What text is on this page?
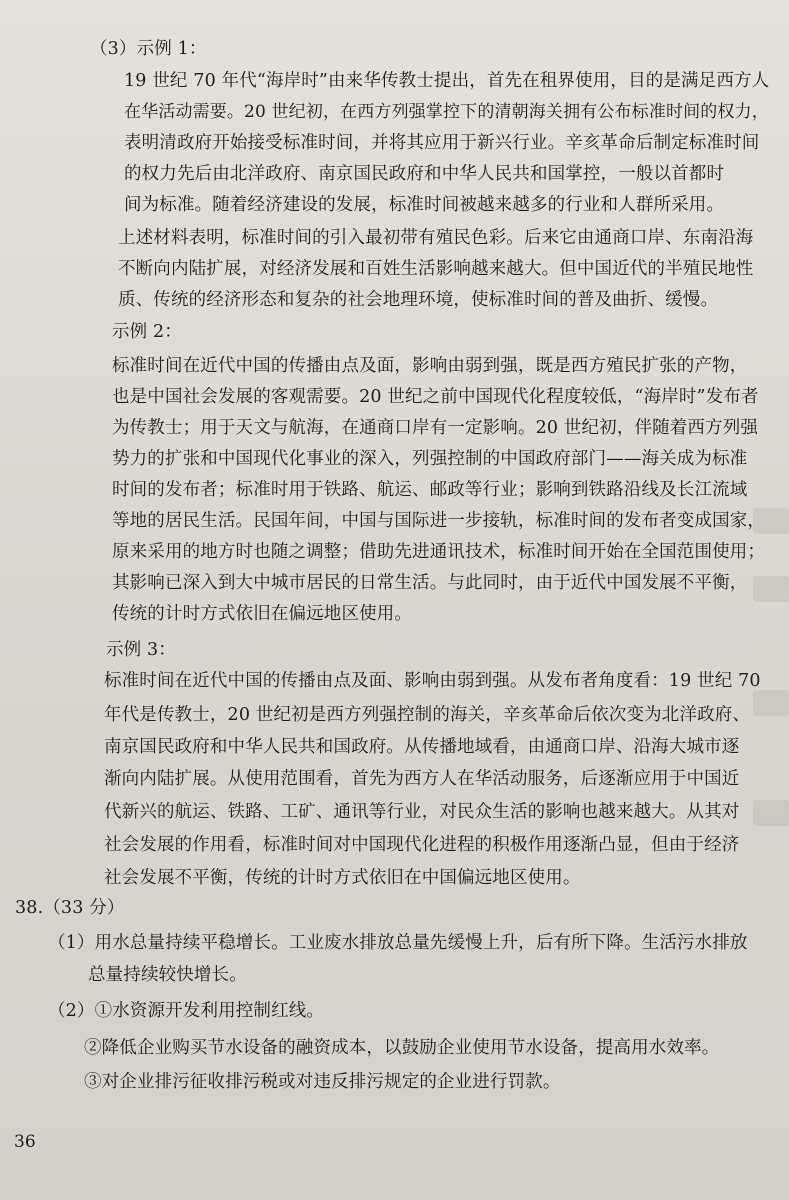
（3）示例 1：

19 世纪 70 年代“海岸时”由来华传教士提出，首先在租界使用，目的是满足西方人

在华活动需要。20 世纪初，在西方列强掌控下的清朝海关拥有公布标准时间的权力，

表明清政府开始接受标准时间，并将其应用于新兴行业。辛亥革命后制定标准时间

的权力先后由北洋政府、南京国民政府和中华人民共和国掌控，一般以首都时

间为标准。随着经济建设的发展，标准时间被越来越多的行业和人群所采用。

上述材料表明，标准时间的引入最初带有殖民色彩。后来它由通商口岸、东南沿海

不断向内陆扩展，对经济发展和百姓生活影响越来越大。但中国近代的半殖民地性

质、传统的经济形态和复杂的社会地理环境，使标准时间的普及曲折、缓慢。

示例 2：

标准时间在近代中国的传播由点及面，影响由弱到强，既是西方殖民扩张的产物，

也是中国社会发展的客观需要。20 世纪之前中国现代化程度较低，“海岸时”发布者

为传教士；用于天文与航海，在通商口岸有一定影响。20 世纪初，伴随着西方列强

势力的扩张和中国现代化事业的深入，列强控制的中国政府部门——海关成为标准

时间的发布者；标准时用于铁路、航运、邮政等行业；影响到铁路沿线及长江流域

等地的居民生活。民国年间，中国与国际进一步接轨，标准时间的发布者变成国家，

原来采用的地方时也随之调整；借助先进通讯技术，标准时间开始在全国范围使用；

其影响已深入到大中城市居民的日常生活。与此同时，由于近代中国发展不平衡，

传统的计时方式依旧在偏远地区使用。

示例 3：

标准时间在近代中国的传播由点及面、影响由弱到强。从发布者角度看：19 世纪 70

年代是传教士，20 世纪初是西方列强控制的海关，辛亥革命后依次变为北洋政府、

南京国民政府和中华人民共和国政府。从传播地域看，由通商口岸、沿海大城市逐

渐向内陆扩展。从使用范围看，首先为西方人在华活动服务，后逐渐应用于中国近

代新兴的航运、铁路、工矿、通讯等行业，对民众生活的影响也越来越大。从其对

社会发展的作用看，标准时间对中国现代化进程的积极作用逐渐凸显，但由于经济

社会发展不平衡，传统的计时方式依旧在中国偏远地区使用。

38.（33 分）

（1）用水总量持续平稳增长。工业废水排放总量先缓慢上升，后有所下降。生活污水排放

总量持续较快增长。

（2）①水资源开发利用控制红线。

②降低企业购买节水设备的融资成本，以鼓励企业使用节水设备，提高用水效率。

③对企业排污征收排污税或对违反排污规定的企业进行罚款。

36
